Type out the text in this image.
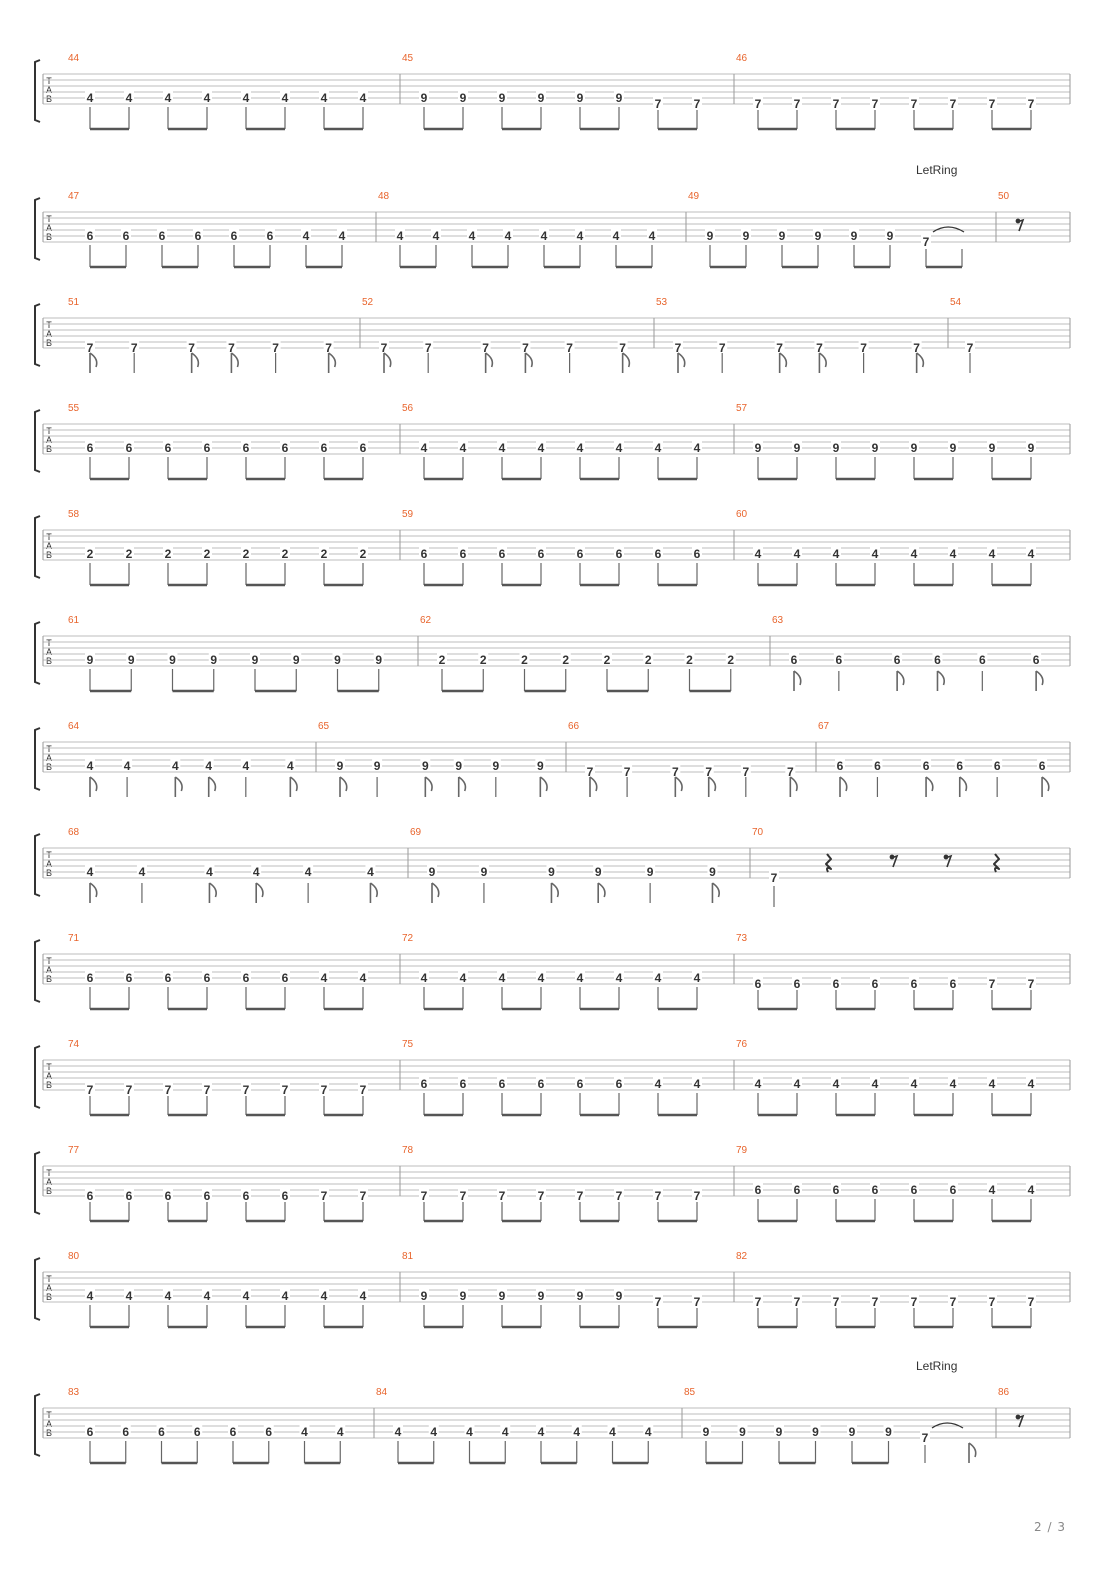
T
A
B
44
4	4	4	4	4	4	4	4
45
9	9	9	9	9	9	7	7
46
7	7	7	7	7	7	7	7
T
A
B
47
6 6 6 6 6 6 4 4
48
4 4 4 4 4 4 4 4
49
9 9 9 9 9 9 7
50
LetRing
T
A
B
51
7	7	7	7	7	7
52
7	7	7	7	7	7
53
7	7	7	7	7	7
54
7
T
A
B
55
6	6	6	6	6	6	6	6
56
4	4	4	4	4	4	4	4
57
9	9	9	9	9	9	9	9
T
A
B
58
2	2	2	2	2	2	2	2
59
6	6	6	6	6	6	6	6
60
4	4	4	4	4	4	4	4
T
A
B
61
9	9	9	9	9	9	9	9
62
2	2	2	2	2	2	2	2
63
6	6	6	6	6	6
T
A
B
64
4	4	4 4	4	4
65
9	9	9 9	9	9
66
7	7	7 7	7	7
67
6	6	6 6	6	6
T
A
B
68
4	4	4	4	4	4
69
9	9	9	9	9	9
70
7
T
A
B
71
6	6	6	6	6	6	4	4
72
4	4	4	4	4	4	4	4
73
6	6	6	6	6	6	7	7
T
A
B
74
7	7	7	7	7	7	7	7
75
6	6	6	6	6	6	4	4
76
4	4	4	4	4	4	4	4
T
A
B
77
6	6	6	6	6	6	7	7
78
7	7	7	7	7	7	7	7
79
6	6	6	6	6	6	4	4
T
A
B
80
4	4	4	4	4	4	4	4
81
9	9	9	9	9	9	7	7
82
7	7	7	7	7	7	7	7
T
A
B
83
6 6 6 6 6 6 4 4
84
4 4 4 4 4 4 4 4
85
9 9 9 9 9 9 7
86
LetRing
2 / 3
